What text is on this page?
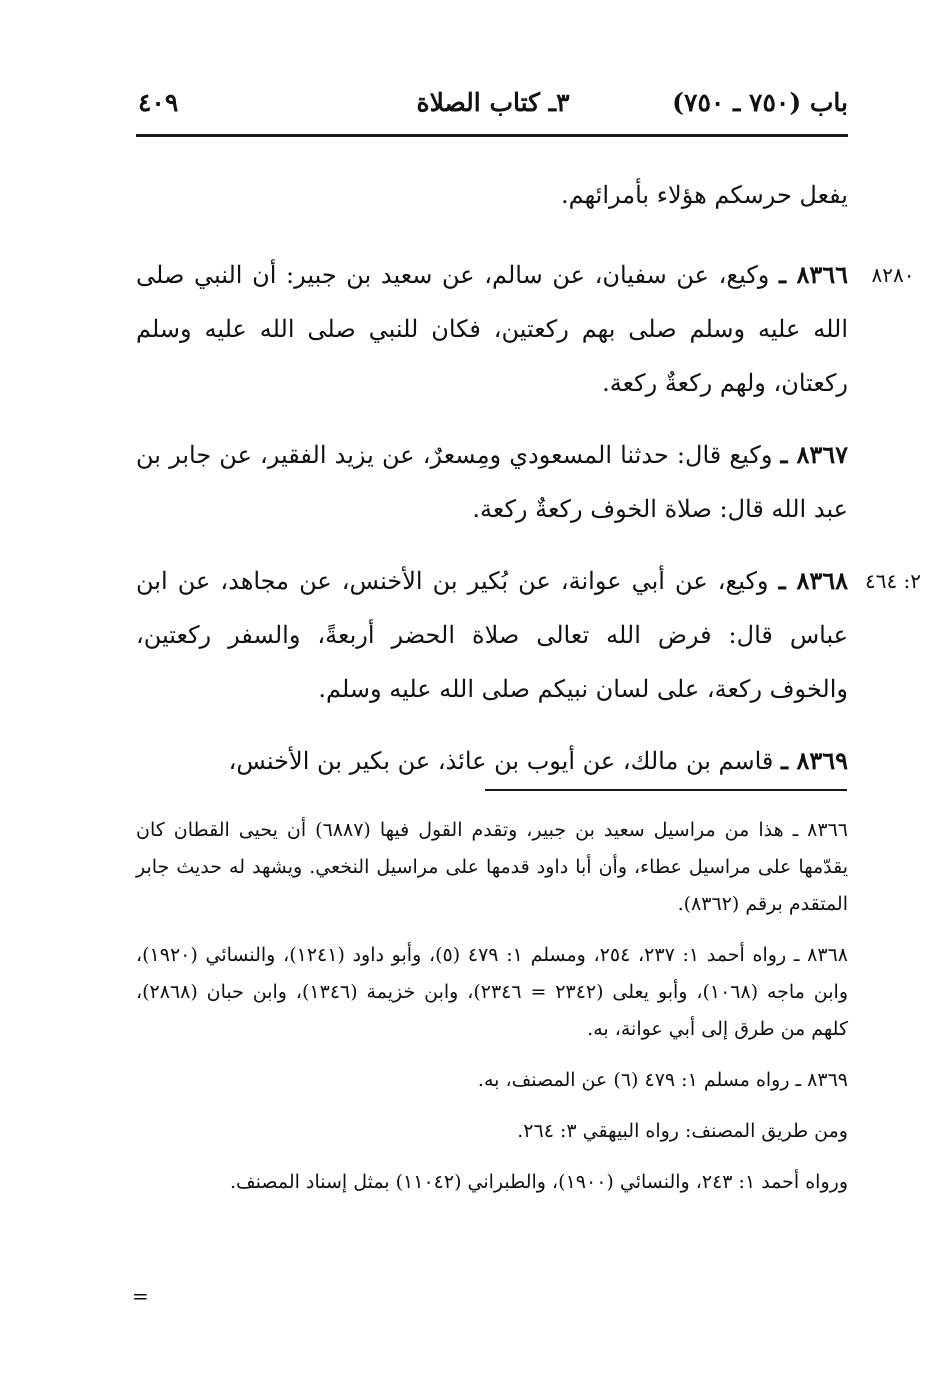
باب (٧٥٠ ـ ٧٥٠)
٣ـ كتاب الصلاة
٤٠٩

يفعل حرسكم هؤلاء بأمرائهم.

٨٢٨٠
٨٣٦٦ ـ وكيع، عن سفيان، عن سالم، عن سعيد بن جبير: أن النبي صلى الله عليه وسلم صلى بهم ركعتين، فكان للنبي صلى الله عليه وسلم ركعتان، ولهم ركعةٌ ركعة.

٨٣٦٧ ـ وكيع قال: حدثنا المسعودي ومِسعرٌ، عن يزيد الفقير، عن جابر بن عبد الله قال: صلاة الخوف ركعةٌ ركعة.

٢: ٤٦٤
٨٣٦٨ ـ وكيع، عن أبي عوانة، عن بُكير بن الأخنس، عن مجاهد، عن ابن عباس قال: فرض الله تعالى صلاة الحضر أربعةً، والسفر ركعتين، والخوف ركعة، على لسان نبيكم صلى الله عليه وسلم.

٨٣٦٩ ـ قاسم بن مالك، عن أيوب بن عائذ، عن بكير بن الأخنس،

٨٣٦٦ ـ هذا من مراسيل سعيد بن جبير، وتقدم القول فيها (٦٨٨٧) أن يحيى القطان كان يقدّمها على مراسيل عطاء، وأن أبا داود قدمها على مراسيل النخعي. ويشهد له حديث جابر المتقدم برقم (٨٣٦٢).

٨٣٦٨ ـ رواه أحمد ١: ٢٣٧، ٢٥٤، ومسلم ١: ٤٧٩ (٥)، وأبو داود (١٢٤١)، والنسائي (١٩٢٠)، وابن ماجه (١٠٦٨)، وأبو يعلى (٢٣٤٢ = ٢٣٤٦)، وابن خزيمة (١٣٤٦)، وابن حبان (٢٨٦٨)، كلهم من طرق إلى أبي عوانة، به.

٨٣٦٩ ـ رواه مسلم ١: ٤٧٩ (٦) عن المصنف، به.

ومن طريق المصنف: رواه البيهقي ٣: ٢٦٤.

ورواه أحمد ١: ٢٤٣، والنسائي (١٩٠٠)، والطبراني (١١٠٤٢) بمثل إسناد المصنف.

=
